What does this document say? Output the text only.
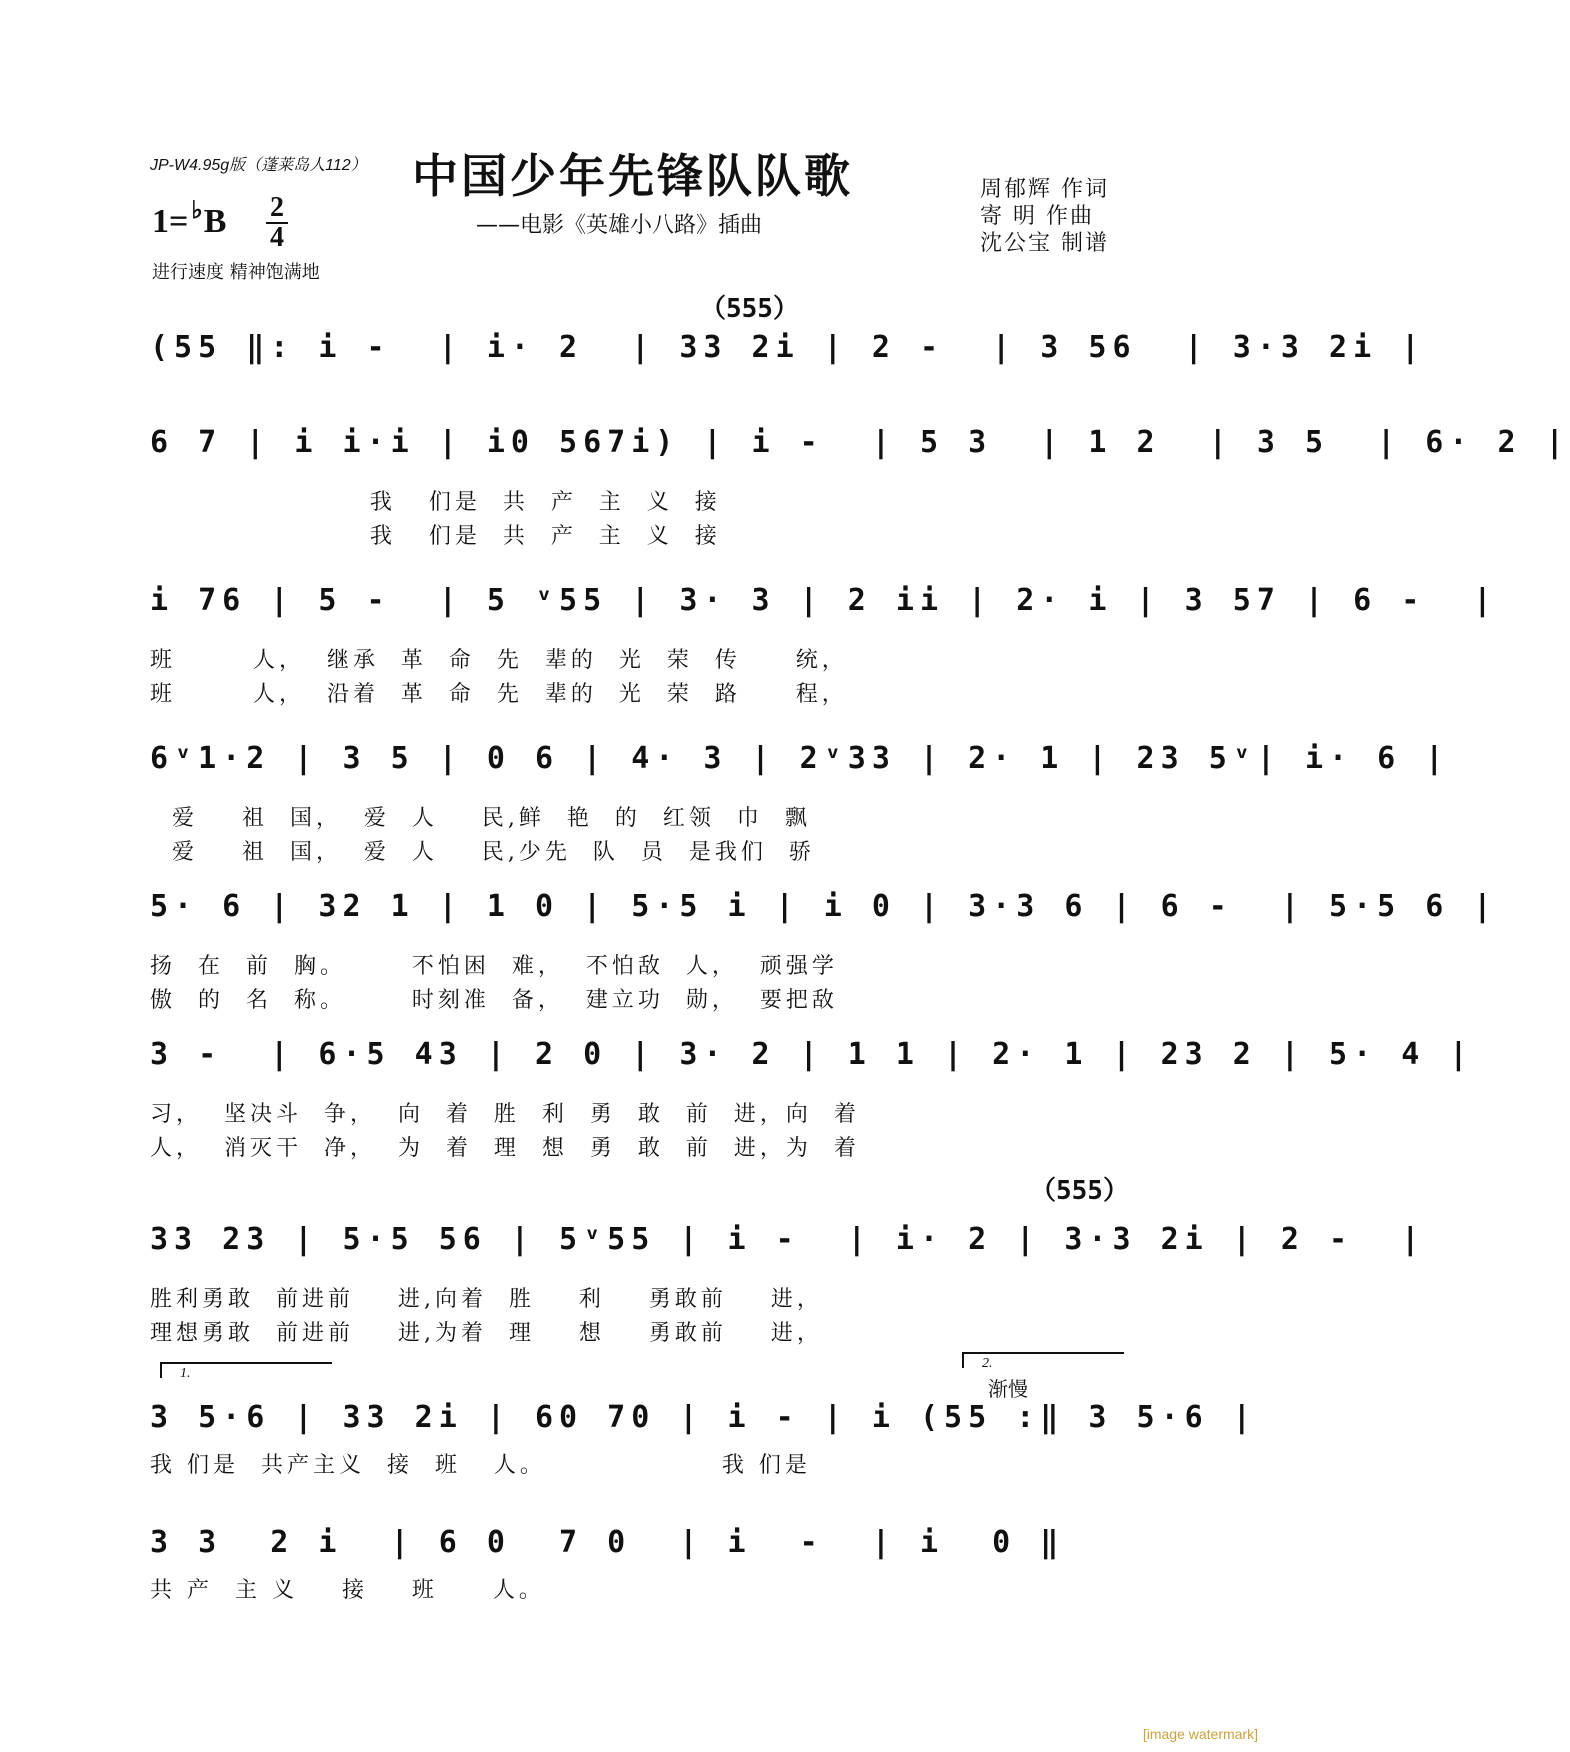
JP-W4.95g版（蓬莱岛人112） 中国少年先锋队队歌
——电影《英雄小八路》插曲
周郁辉 作词
寄 明 作曲
沈公宝 制谱
1= ♭B 2
4
进行速度 精神饱满地
（555）
(55 ‖: i -  | i· 2  | 33 2i | 2 -  | 3 56  | 3·3 2i |
6 7 | i i·i | i0 567i) | i -  | 5 3  | 1 2  | 3 5  | 6· 2 |
我   们是  共  产  主  义  接
我   们是  共  产  主  义  接
i 76 | 5 -  | 5 ᵛ55 | 3· 3 | 2 ii | 2· i | 3 57 | 6 -  |
班       人，  继承  革  命  先  辈的  光  荣  传     统，
班       人，  沿着  革  命  先  辈的  光  荣  路     程，
6ᵛ1·2 | 3 5 | 0 6 | 4· 3 | 2ᵛ33 | 2· 1 | 23 5ᵛ| i· 6 |
爱    祖  国，  爱  人    民,鲜  艳  的  红领  巾  飘
爱    祖  国，  爱  人    民,少先  队  员  是我们  骄
5· 6 | 32 1 | 1 0 | 5·5 i | i 0 | 3·3 6 | 6 -  | 5·5 6 |
扬  在  前  胸。      不怕困  难，  不怕敌  人，  顽强学
傲  的  名  称。      时刻准  备，  建立功  勋，  要把敌
3 -  | 6·5 43 | 2 0 | 3· 2 | 1 1 | 2· 1 | 23 2 | 5· 4 |
习，  坚决斗  争，  向  着  胜  利  勇  敢  前  进，向  着
人，  消灭干  净，  为  着  理  想  勇  敢  前  进，为  着
（555）
33 23 | 5·5 56 | 5ᵛ55 | i -  | i· 2 | 3·3 2i | 2 -  |
胜利勇敢  前进前    进,向着  胜    利    勇敢前    进，
理想勇敢  前进前    进,为着  理    想    勇敢前    进，
1.
2.
渐慢
3 5·6 | 33 2i | 60 70 | i - | i (55 :‖ 3 5·6 |
我 们是  共产主义  接  班   人。                我 们是
3 3  2 i  | 6 0  7 0  | i  -  | i  0 ‖
共 产  主 义    接    班     人。
[image watermark]
